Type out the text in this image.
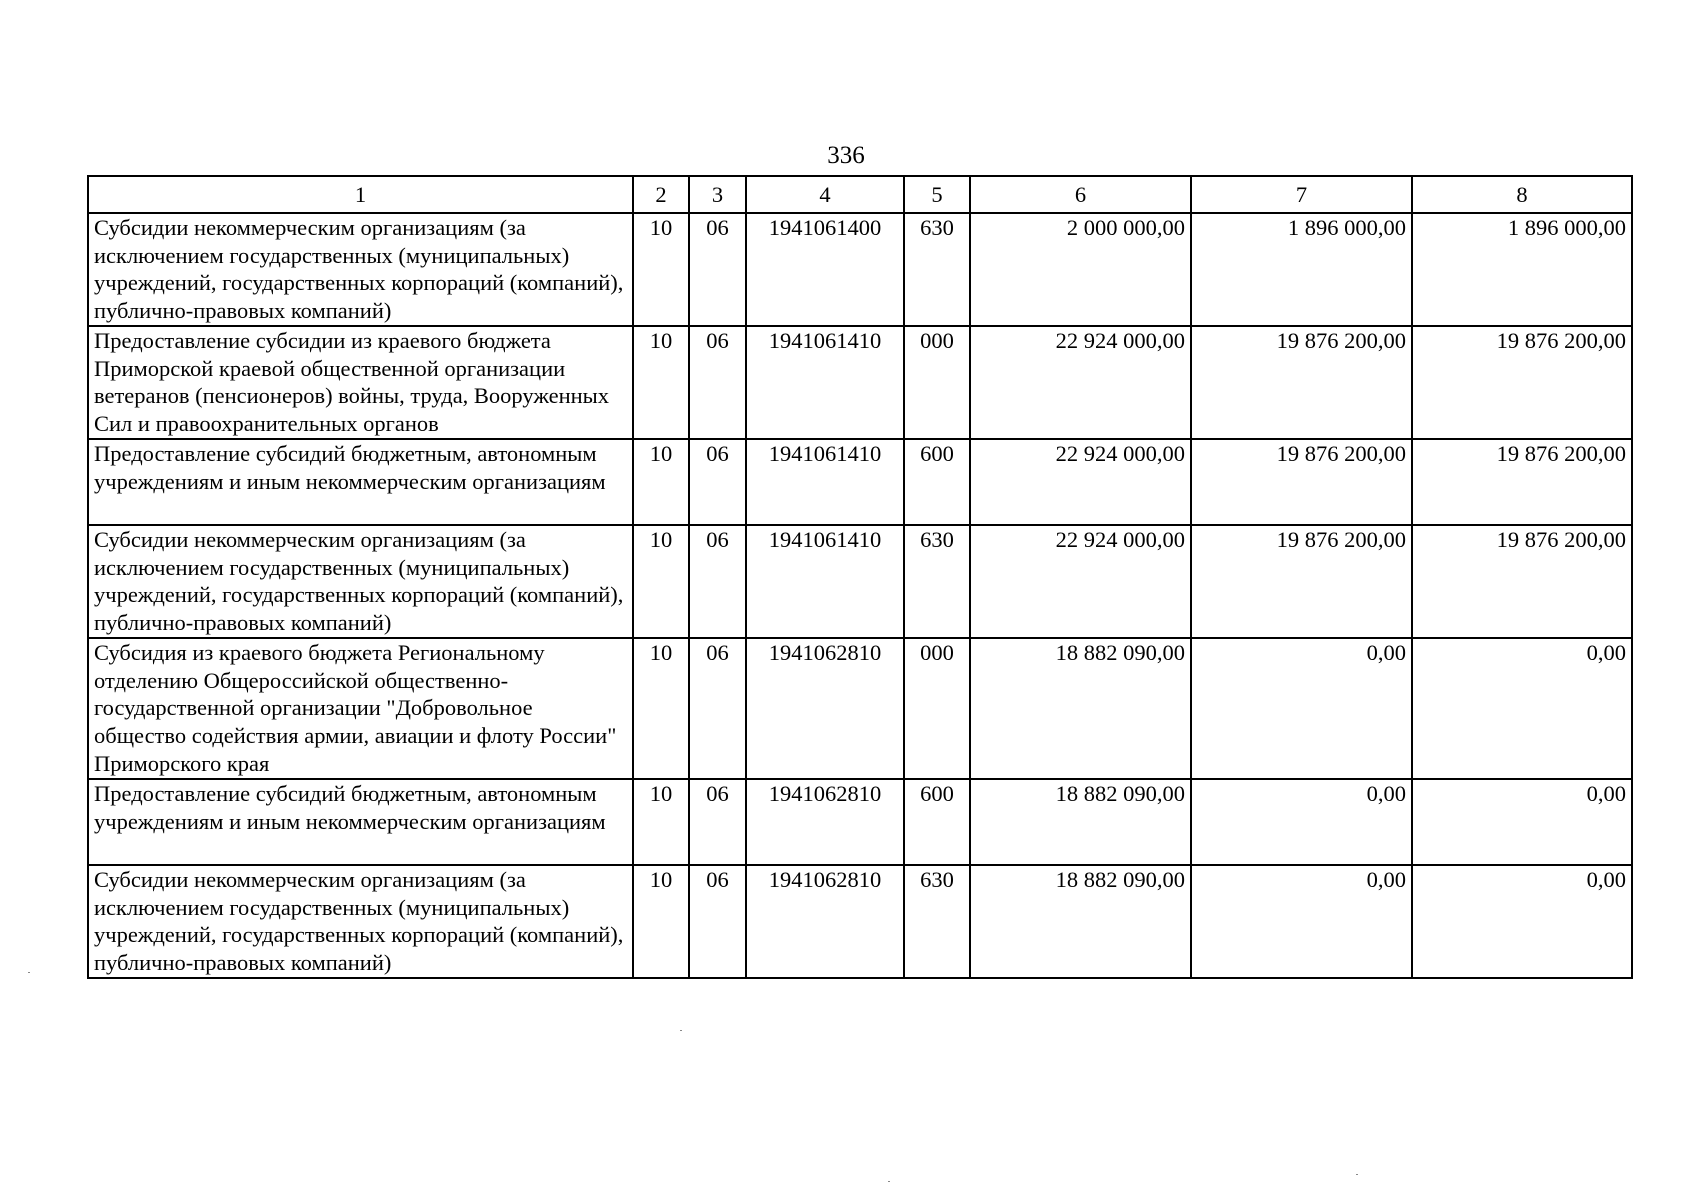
336
1	2	3	4	5	6	7	8
Субсидии некоммерческим организациям (за исключением государственных (муниципальных) учреждений, государственных корпораций (компаний), публично-правовых компаний)	10	06	1941061400	630	2 000 000,00	1 896 000,00	1 896 000,00
Предоставление субсидии из краевого бюджета Приморской краевой общественной организации ветеранов (пенсионеров) войны, труда, Вооруженных Сил и правоохранительных органов	10	06	1941061410	000	22 924 000,00	19 876 200,00	19 876 200,00
Предоставление субсидий бюджетным, автономным учреждениям и иным некоммерческим организациям	10	06	1941061410	600	22 924 000,00	19 876 200,00	19 876 200,00
Субсидии некоммерческим организациям (за исключением государственных (муниципальных) учреждений, государственных корпораций (компаний), публично-правовых компаний)	10	06	1941061410	630	22 924 000,00	19 876 200,00	19 876 200,00
Субсидия из краевого бюджета Региональному отделению Общероссийской общественно-государственной организации "Добровольное общество содействия армии, авиации и флоту России" Приморского края	10	06	1941062810	000	18 882 090,00	0,00	0,00
Предоставление субсидий бюджетным, автономным учреждениям и иным некоммерческим организациям	10	06	1941062810	600	18 882 090,00	0,00	0,00
Субсидии некоммерческим организациям (за исключением государственных (муниципальных) учреждений, государственных корпораций (компаний), публично-правовых компаний)	10	06	1941062810	630	18 882 090,00	0,00	0,00
